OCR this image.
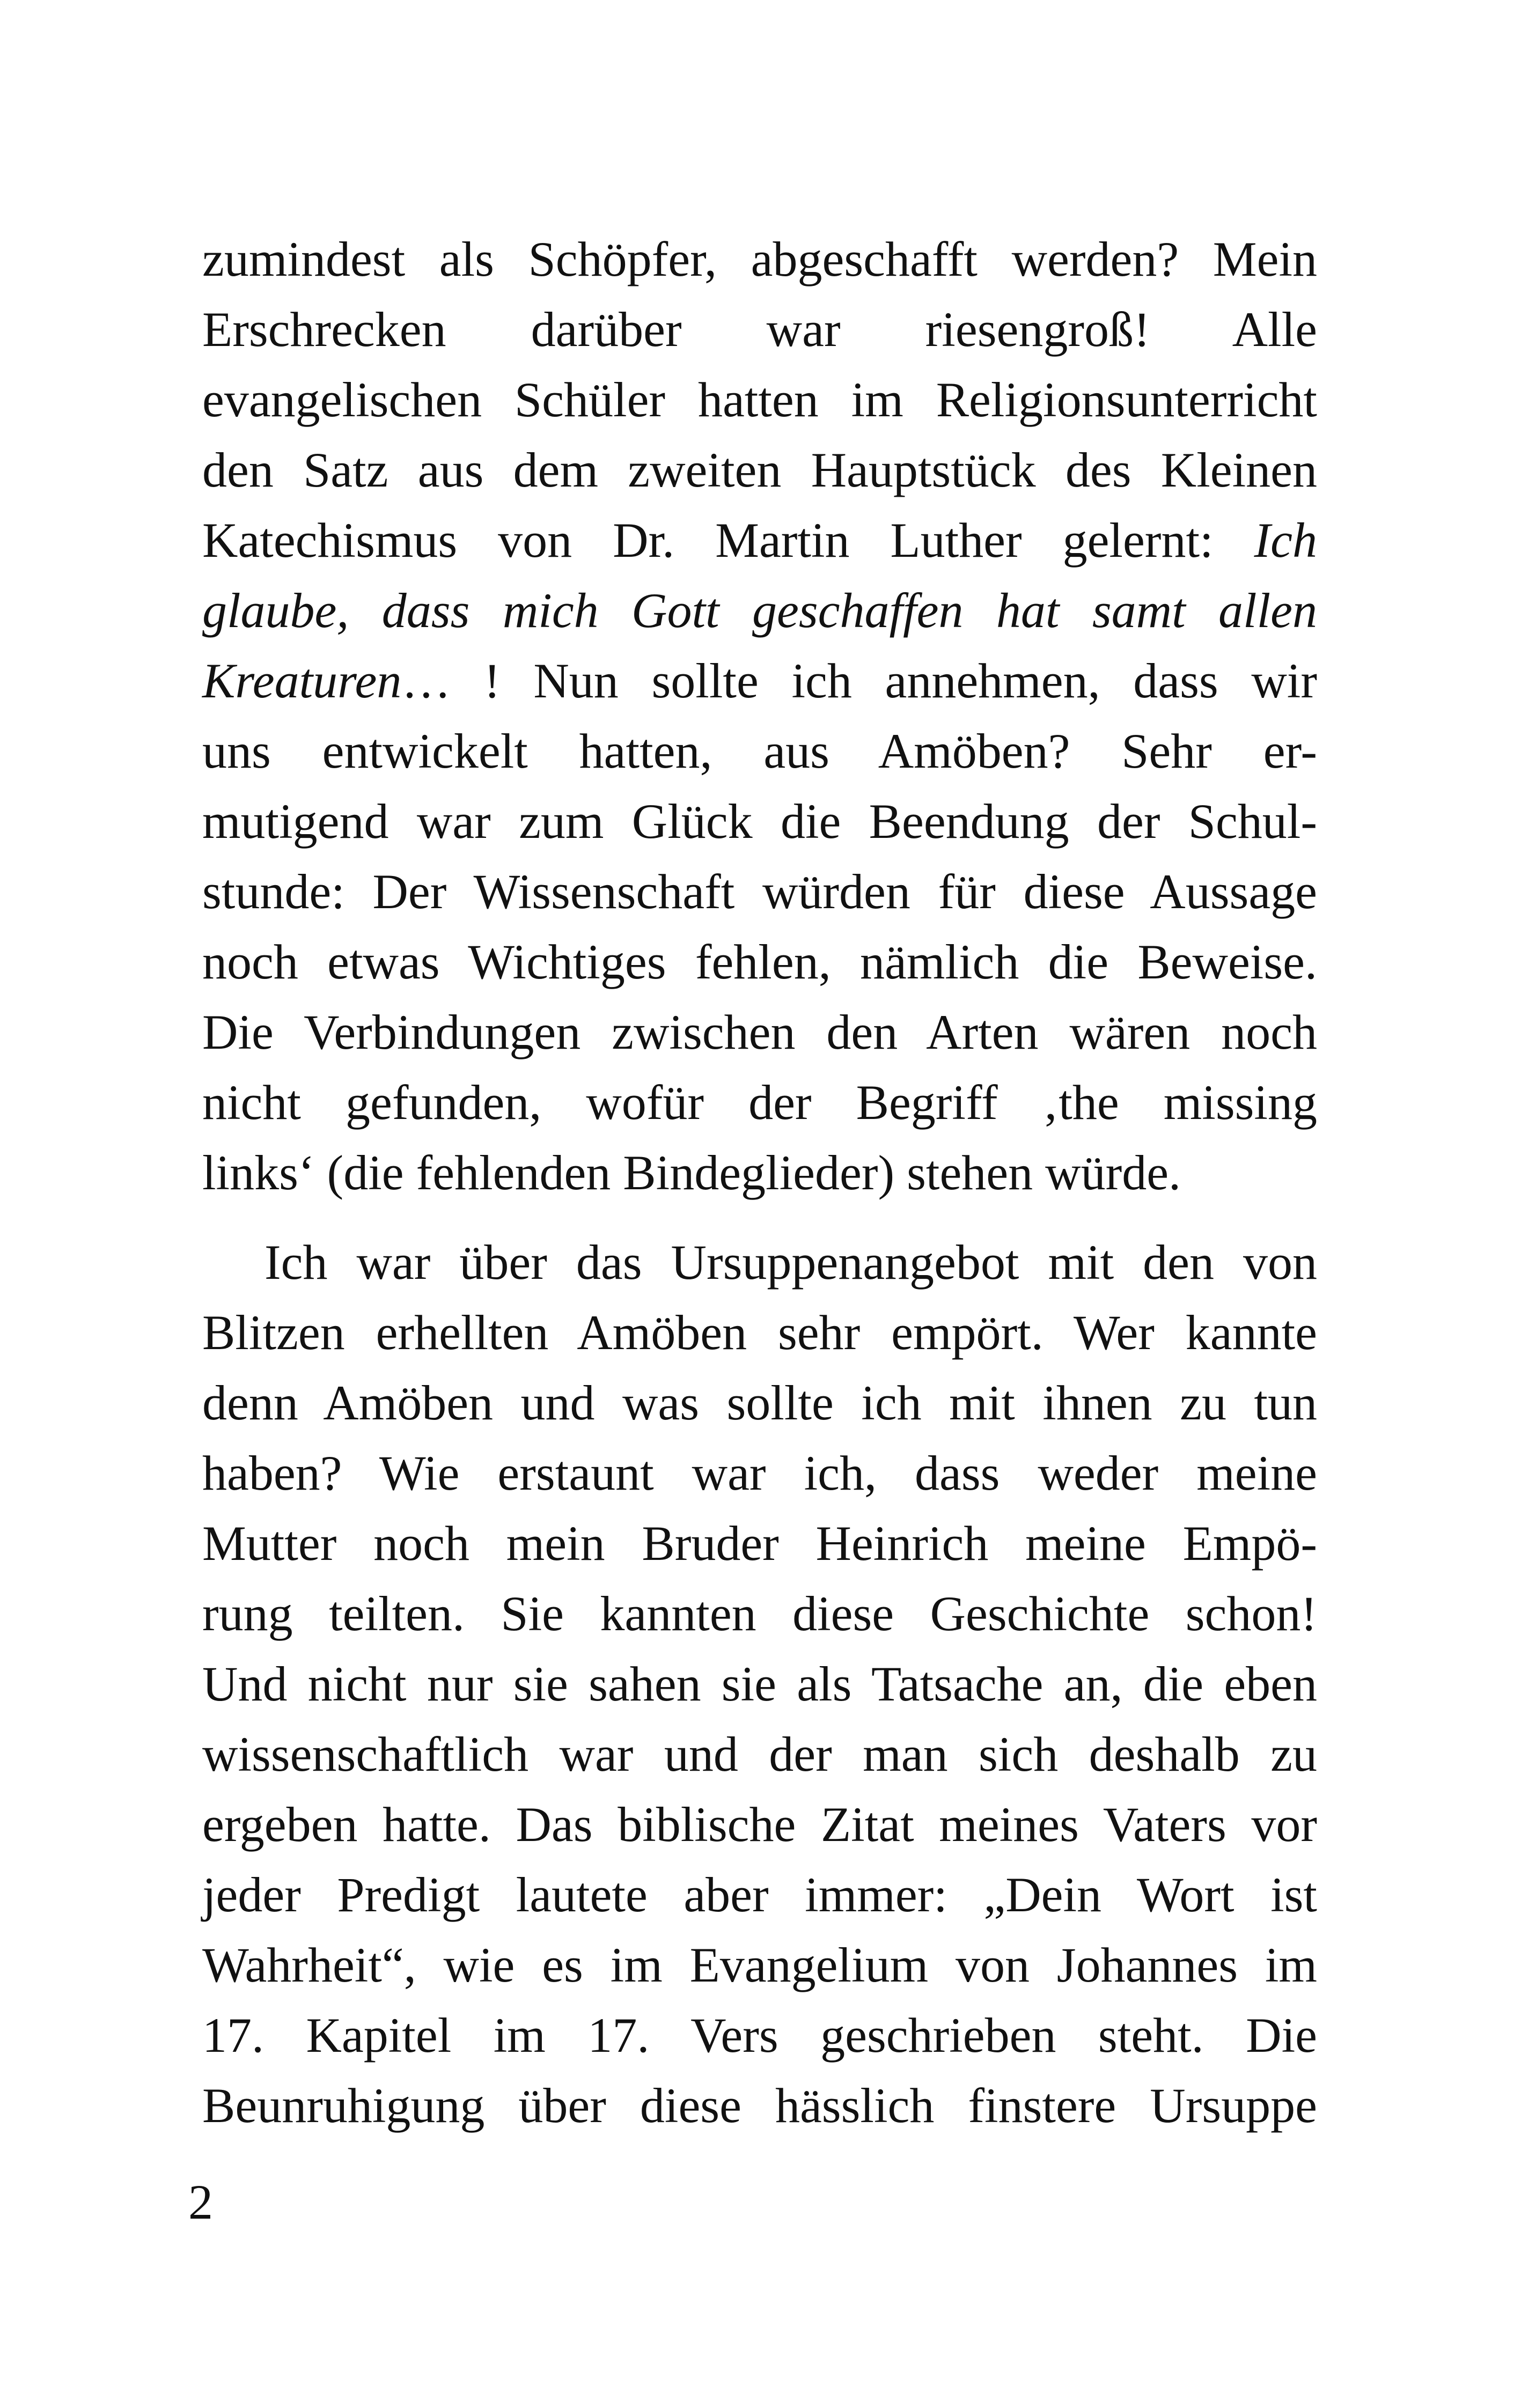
zumindest als Schöpfer, abgeschafft werden? Mein
Erschrecken darüber war riesengroß! Alle
evangelischen Schüler hatten im Religionsunterricht
den Satz aus dem zweiten Hauptstück des Kleinen
Katechismus von Dr. Martin Luther gelernt: Ich
glaube, dass mich Gott geschaffen hat samt allen
Kreaturen… ! Nun sollte ich annehmen, dass wir
uns entwickelt hatten, aus Amöben? Sehr er-
mutigend war zum Glück die Beendung der Schul-
stunde: Der Wissenschaft würden für diese Aussage
noch etwas Wichtiges fehlen, nämlich die Beweise.
Die Verbindungen zwischen den Arten wären noch
nicht gefunden, wofür der Begriff ‚the missing
links‘ (die fehlenden Bindeglieder) stehen würde.
Ich war über das Ursuppenangebot mit den von
Blitzen erhellten Amöben sehr empört. Wer kannte
denn Amöben und was sollte ich mit ihnen zu tun
haben? Wie erstaunt war ich, dass weder meine
Mutter noch mein Bruder Heinrich meine Empö-
rung teilten. Sie kannten diese Geschichte schon!
Und nicht nur sie sahen sie als Tatsache an, die eben
wissenschaftlich war und der man sich deshalb zu
ergeben hatte. Das biblische Zitat meines Vaters vor
jeder Predigt lautete aber immer: „Dein Wort ist
Wahrheit“, wie es im Evangelium von Johannes im
17. Kapitel im 17. Vers geschrieben steht. Die
Beunruhigung über diese hässlich finstere Ursuppe
2
